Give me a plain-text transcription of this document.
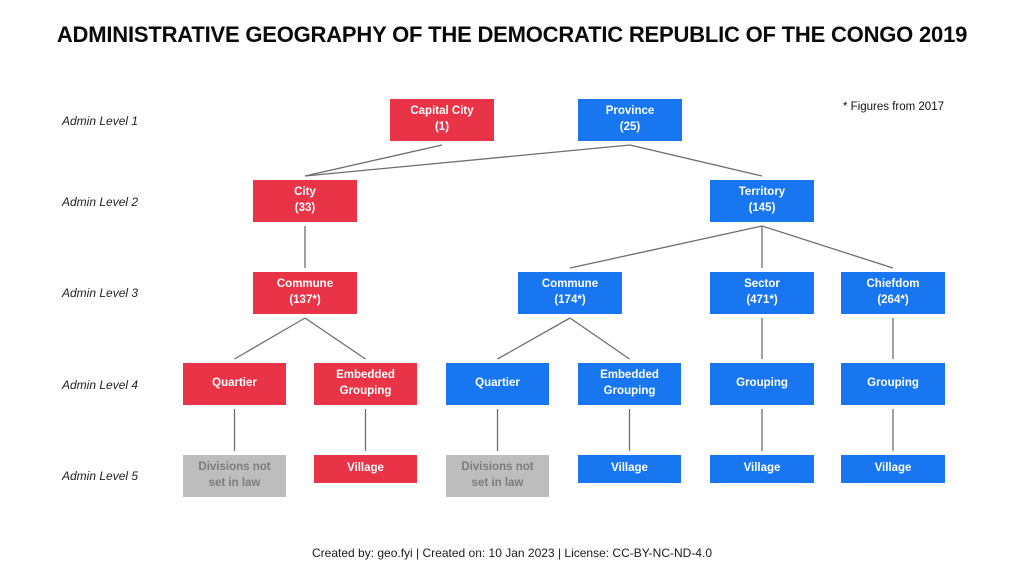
ADMINISTRATIVE GEOGRAPHY OF THE DEMOCRATIC REPUBLIC OF THE CONGO 2019
* Figures from 2017
Admin Level 1
Admin Level 2
Admin Level 3
Admin Level 4
Admin Level 5
Capital City
(1)
Province
(25)
City
(33)
Territory
(145)
Commune
(137*)
Commune
(174*)
Sector
(471*)
Chiefdom
(264*)
Quartier
Embedded
Grouping
Quartier
Embedded
Grouping
Grouping	Grouping
Divisions not
set in law
Village	Divisions not
set in law
Village	Village	Village
Created by: geo.fyi | Created on: 10 Jan 2023 | License: CC-BY-NC-ND-4.0
